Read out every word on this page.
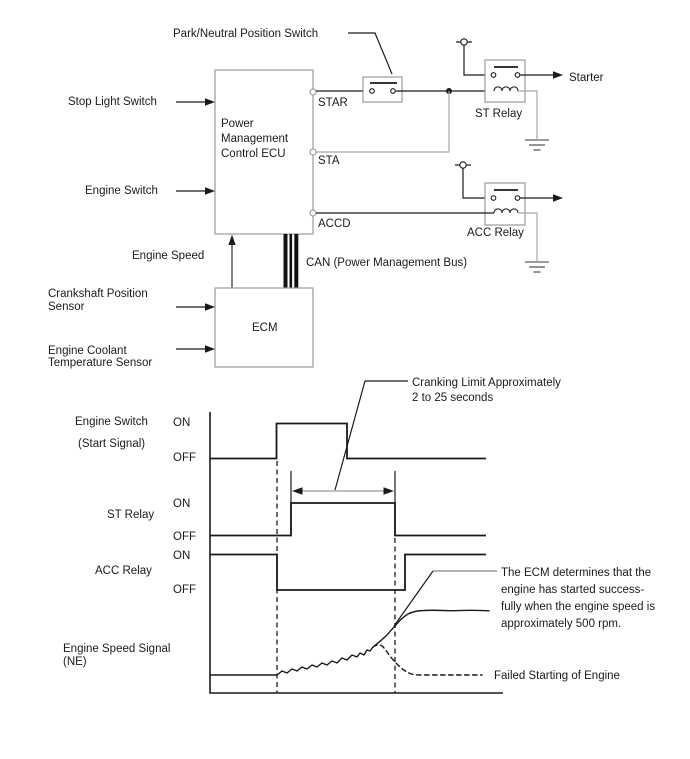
Park/Neutral Position Switch
Power
Management
Control ECU
Stop Light Switch
Engine Switch
STAR
STA
ACCD
Starter
ST Relay
ACC Relay
CAN (Power Management Bus)
Engine Speed
ECM
Crankshaft Position
Sensor
Engine Coolant
Temperature Sensor
Engine Switch
(Start Signal)
ON
OFF
ON
ST Relay
OFF
ON
ACC Relay
OFF
Engine Speed Signal
(NE)
Cranking Limit Approximately
2 to 25 seconds
The ECM determines that the
engine has started success-
fully when the engine speed is
approximately 500 rpm.
Failed Starting of Engine
